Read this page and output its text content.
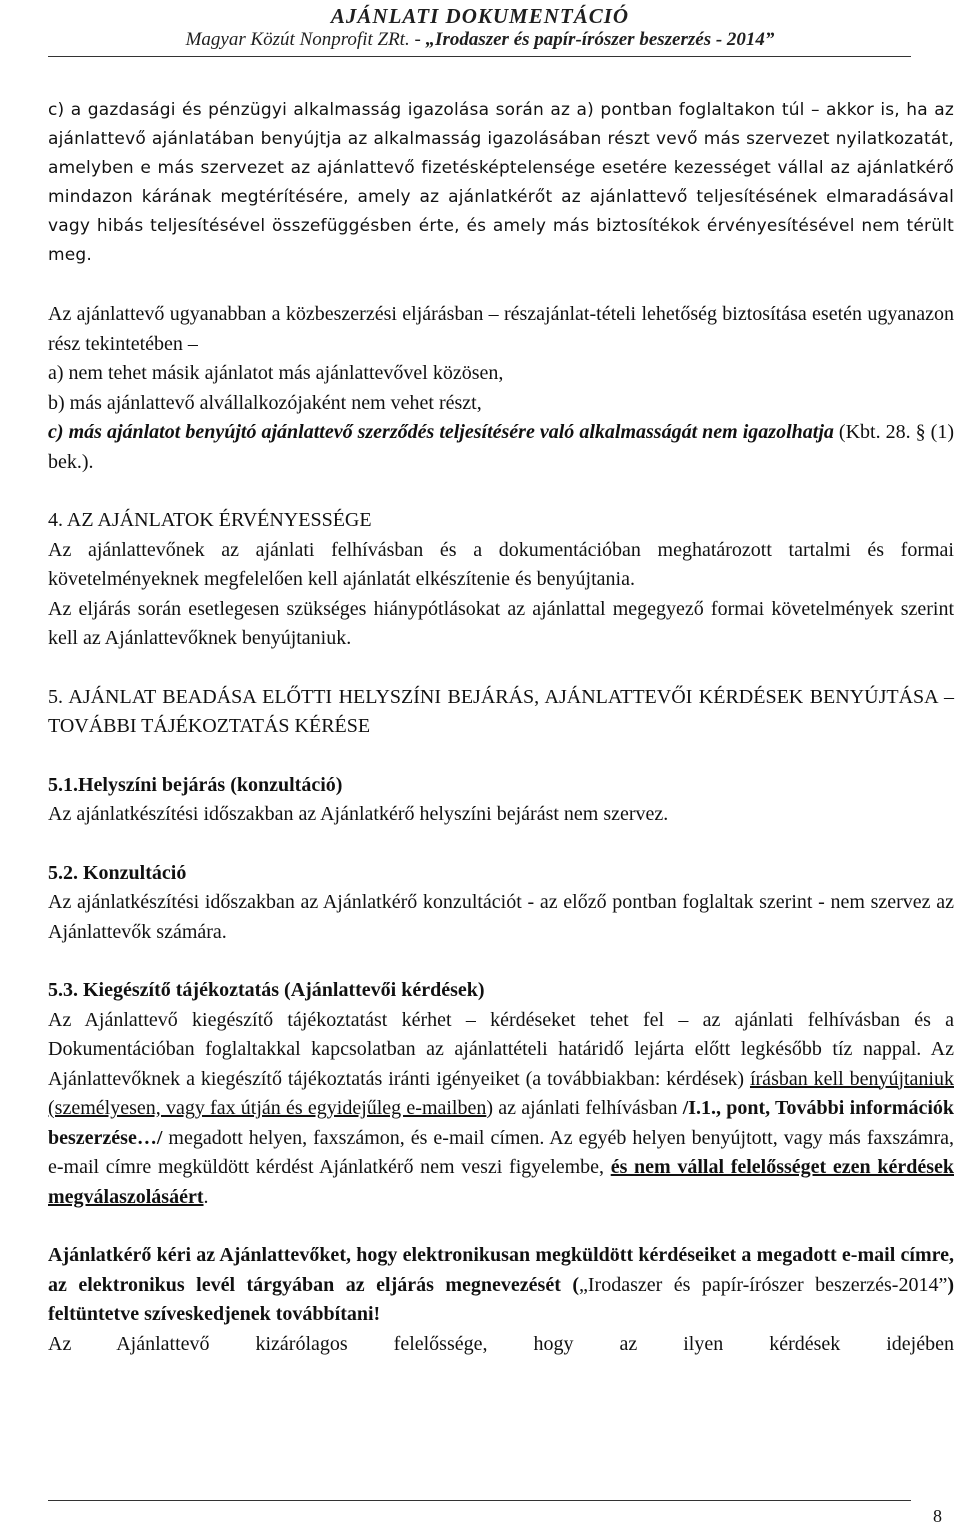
AJÁNLATI DOKUMENTÁCIÓ
Magyar Közút Nonprofit ZRt. - „Irodaszer és papír-írószer beszerzés - 2014”

c) a gazdasági és pénzügyi alkalmasság igazolása során az a) pontban foglaltakon túl – akkor is, ha az ajánlattevő ajánlatában benyújtja az alkalmasság igazolásában részt vevő más szervezet nyilatkozatát, amelyben e más szervezet az ajánlattevő fizetésképtelensége esetére kezességet vállal az ajánlatkérő mindazon kárának megtérítésére, amely az ajánlatkérőt az ajánlattevő teljesítésének elmaradásával vagy hibás teljesítésével összefüggésben érte, és amely más biztosítékok érvényesítésével nem térült meg.

Az ajánlattevő ugyanabban a közbeszerzési eljárásban – részajánlat-tételi lehetőség biztosítása esetén ugyanazon rész tekintetében –

a) nem tehet másik ajánlatot más ajánlattevővel közösen,

b) más ajánlattevő alvállalkozójaként nem vehet részt,

c) más ajánlatot benyújtó ajánlattevő szerződés teljesítésére való alkalmasságát nem igazolhatja (Kbt. 28. § (1) bek.).

4. AZ AJÁNLATOK ÉRVÉNYESSÉGE

Az ajánlattevőnek az ajánlati felhívásban és a dokumentációban meghatározott tartalmi és formai követelményeknek megfelelően kell ajánlatát elkészítenie és benyújtania.

Az eljárás során esetlegesen szükséges hiánypótlásokat az ajánlattal megegyező formai követelmények szerint kell az Ajánlattevőknek benyújtaniuk.

5. AJÁNLAT BEADÁSA ELŐTTI HELYSZÍNI BEJÁRÁS, AJÁNLATTEVŐI KÉRDÉSEK BENYÚJTÁSA – TOVÁBBI TÁJÉKOZTATÁS KÉRÉSE

5.1.Helyszíni bejárás (konzultáció)

Az ajánlatkészítési időszakban az Ajánlatkérő helyszíni bejárást nem szervez.

5.2. Konzultáció

Az ajánlatkészítési időszakban az Ajánlatkérő konzultációt - az előző pontban foglaltak szerint - nem szervez az Ajánlattevők számára.

5.3. Kiegészítő tájékoztatás (Ajánlattevői kérdések)

Az Ajánlattevő kiegészítő tájékoztatást kérhet – kérdéseket tehet fel – az ajánlati felhívásban és a Dokumentációban foglaltakkal kapcsolatban az ajánlattételi határidő lejárta előtt legkésőbb tíz nappal. Az Ajánlattevőknek a kiegészítő tájékoztatás iránti igényeiket (a továbbiakban: kérdések) írásban kell benyújtaniuk (személyesen, vagy fax útján és egyidejűleg e-mailben) az ajánlati felhívásban /I.1., pont, További információk beszerzése…/ megadott helyen, faxszámon, és e-mail címen. Az egyéb helyen benyújtott, vagy más faxszámra, e-mail címre megküldött kérdést Ajánlatkérő nem veszi figyelembe, és nem vállal felelősséget ezen kérdések megválaszolásáért.

Ajánlatkérő kéri az Ajánlattevőket, hogy elektronikusan megküldött kérdéseiket a megadott e-mail címre, az elektronikus levél tárgyában az eljárás megnevezését („Irodaszer és papír-írószer beszerzés-2014”) feltüntetve szíveskedjenek továbbítani!

Az Ajánlattevő kizárólagos felelőssége, hogy az ilyen kérdések idejében

8
